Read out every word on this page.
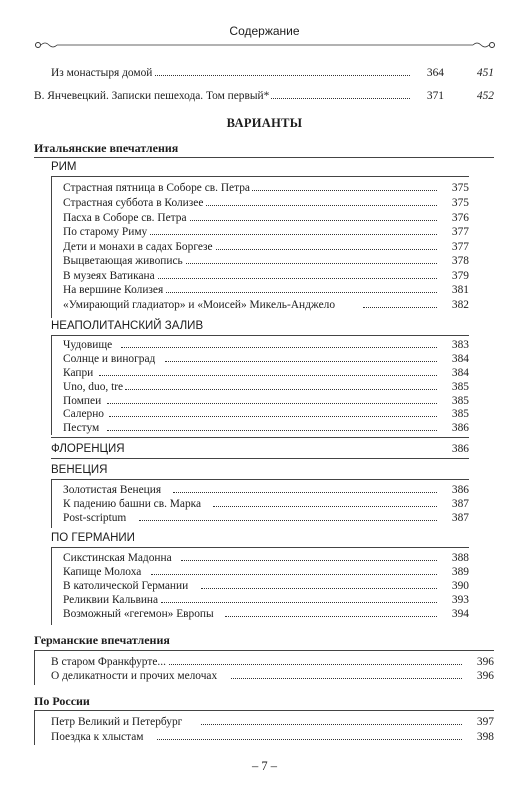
Содержание
Из монастыря домой	364	451
В. Янчевецкий. Записки пешехода. Том первый*	371	452
ВАРИАНТЫ
Итальянские впечатления
РИМ
Страстная пятница в Соборе св. Петра	375
Страстная суббота в Колизее	375
Пасха в Соборе св. Петра	376
По старому Риму	377
Дети и монахи в садах Боргезе	377
Выцветающая живопись	378
В музеях Ватикана	379
На вершине Колизея	381
«Умирающий гладиатор» и «Моисей» Микель-Анджело	382
НЕАПОЛИТАНСКИЙ ЗАЛИВ
Чудовище	383
Солнце и виноград	384
Капри	384
Uno, duo, tre	385
Помпеи	385
Салерно	385
Пестум	386
ФЛОРЕНЦИЯ	386
ВЕНЕЦИЯ
Золотистая Венеция	386
К падению башни св. Марка	387
Post-scriptum	387
ПО ГЕРМАНИИ
Сикстинская Мадонна	388
Капище Молоха	389
В католической Германии	390
Реликвии Кальвина	393
Возможный «гегемон» Европы	394
Германские впечатления
В старом Франкфурте...	396
О деликатности и прочих мелочах	396
По России
Петр Великий и Петербург	397
Поездка к хлыстам	398
– 7 –
